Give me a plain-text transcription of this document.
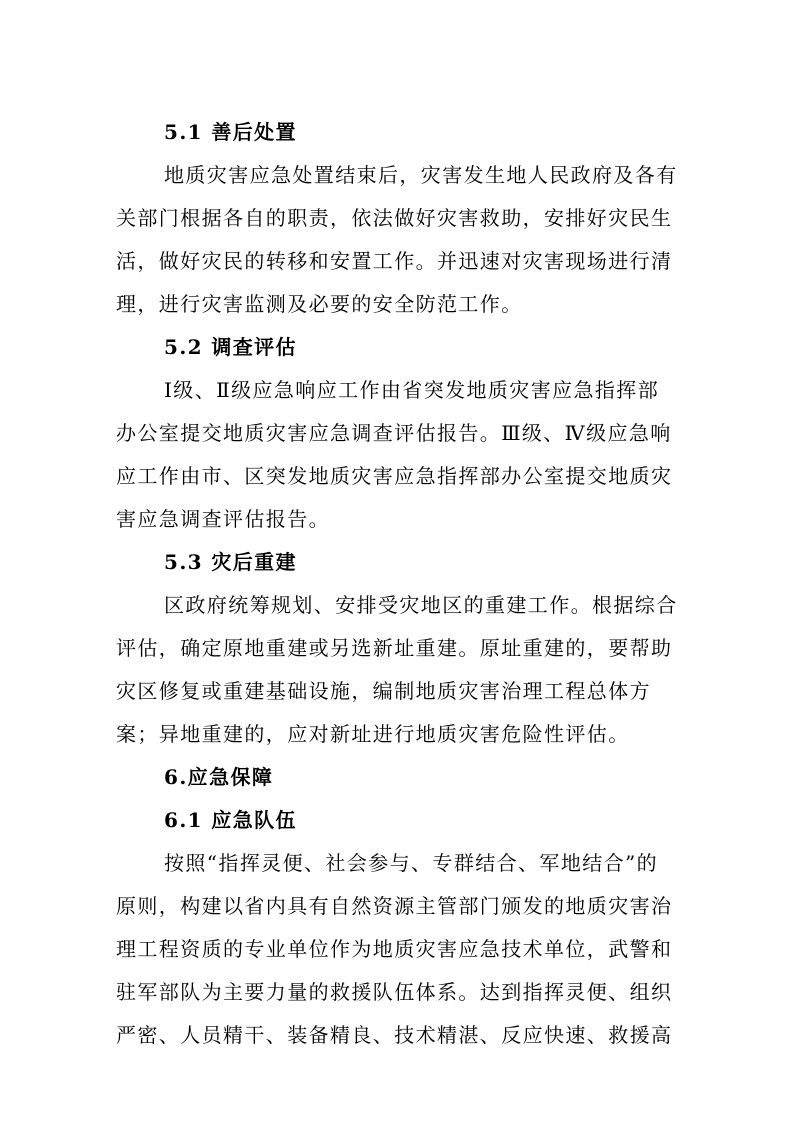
5.1 善后处置
地质灾害应急处置结束后，灾害发生地人民政府及各有
关部门根据各自的职责，依法做好灾害救助，安排好灾民生
活，做好灾民的转移和安置工作。并迅速对灾害现场进行清
理，进行灾害监测及必要的安全防范工作。
5.2 调查评估
Ⅰ级、Ⅱ级应急响应工作由省突发地质灾害应急指挥部
办公室提交地质灾害应急调查评估报告。Ⅲ级、Ⅳ级应急响
应工作由市、区突发地质灾害应急指挥部办公室提交地质灾
害应急调查评估报告。
5.3 灾后重建
区政府统筹规划、安排受灾地区的重建工作。根据综合
评估，确定原地重建或另选新址重建。原址重建的，要帮助
灾区修复或重建基础设施，编制地质灾害治理工程总体方
案；异地重建的，应对新址进行地质灾害危险性评估。
6.应急保障
6.1 应急队伍
按照“指挥灵便、社会参与、专群结合、军地结合”的
原则，构建以省内具有自然资源主管部门颁发的地质灾害治
理工程资质的专业单位作为地质灾害应急技术单位，武警和
驻军部队为主要力量的救援队伍体系。达到指挥灵便、组织
严密、人员精干、装备精良、技术精湛、反应快速、救援高
